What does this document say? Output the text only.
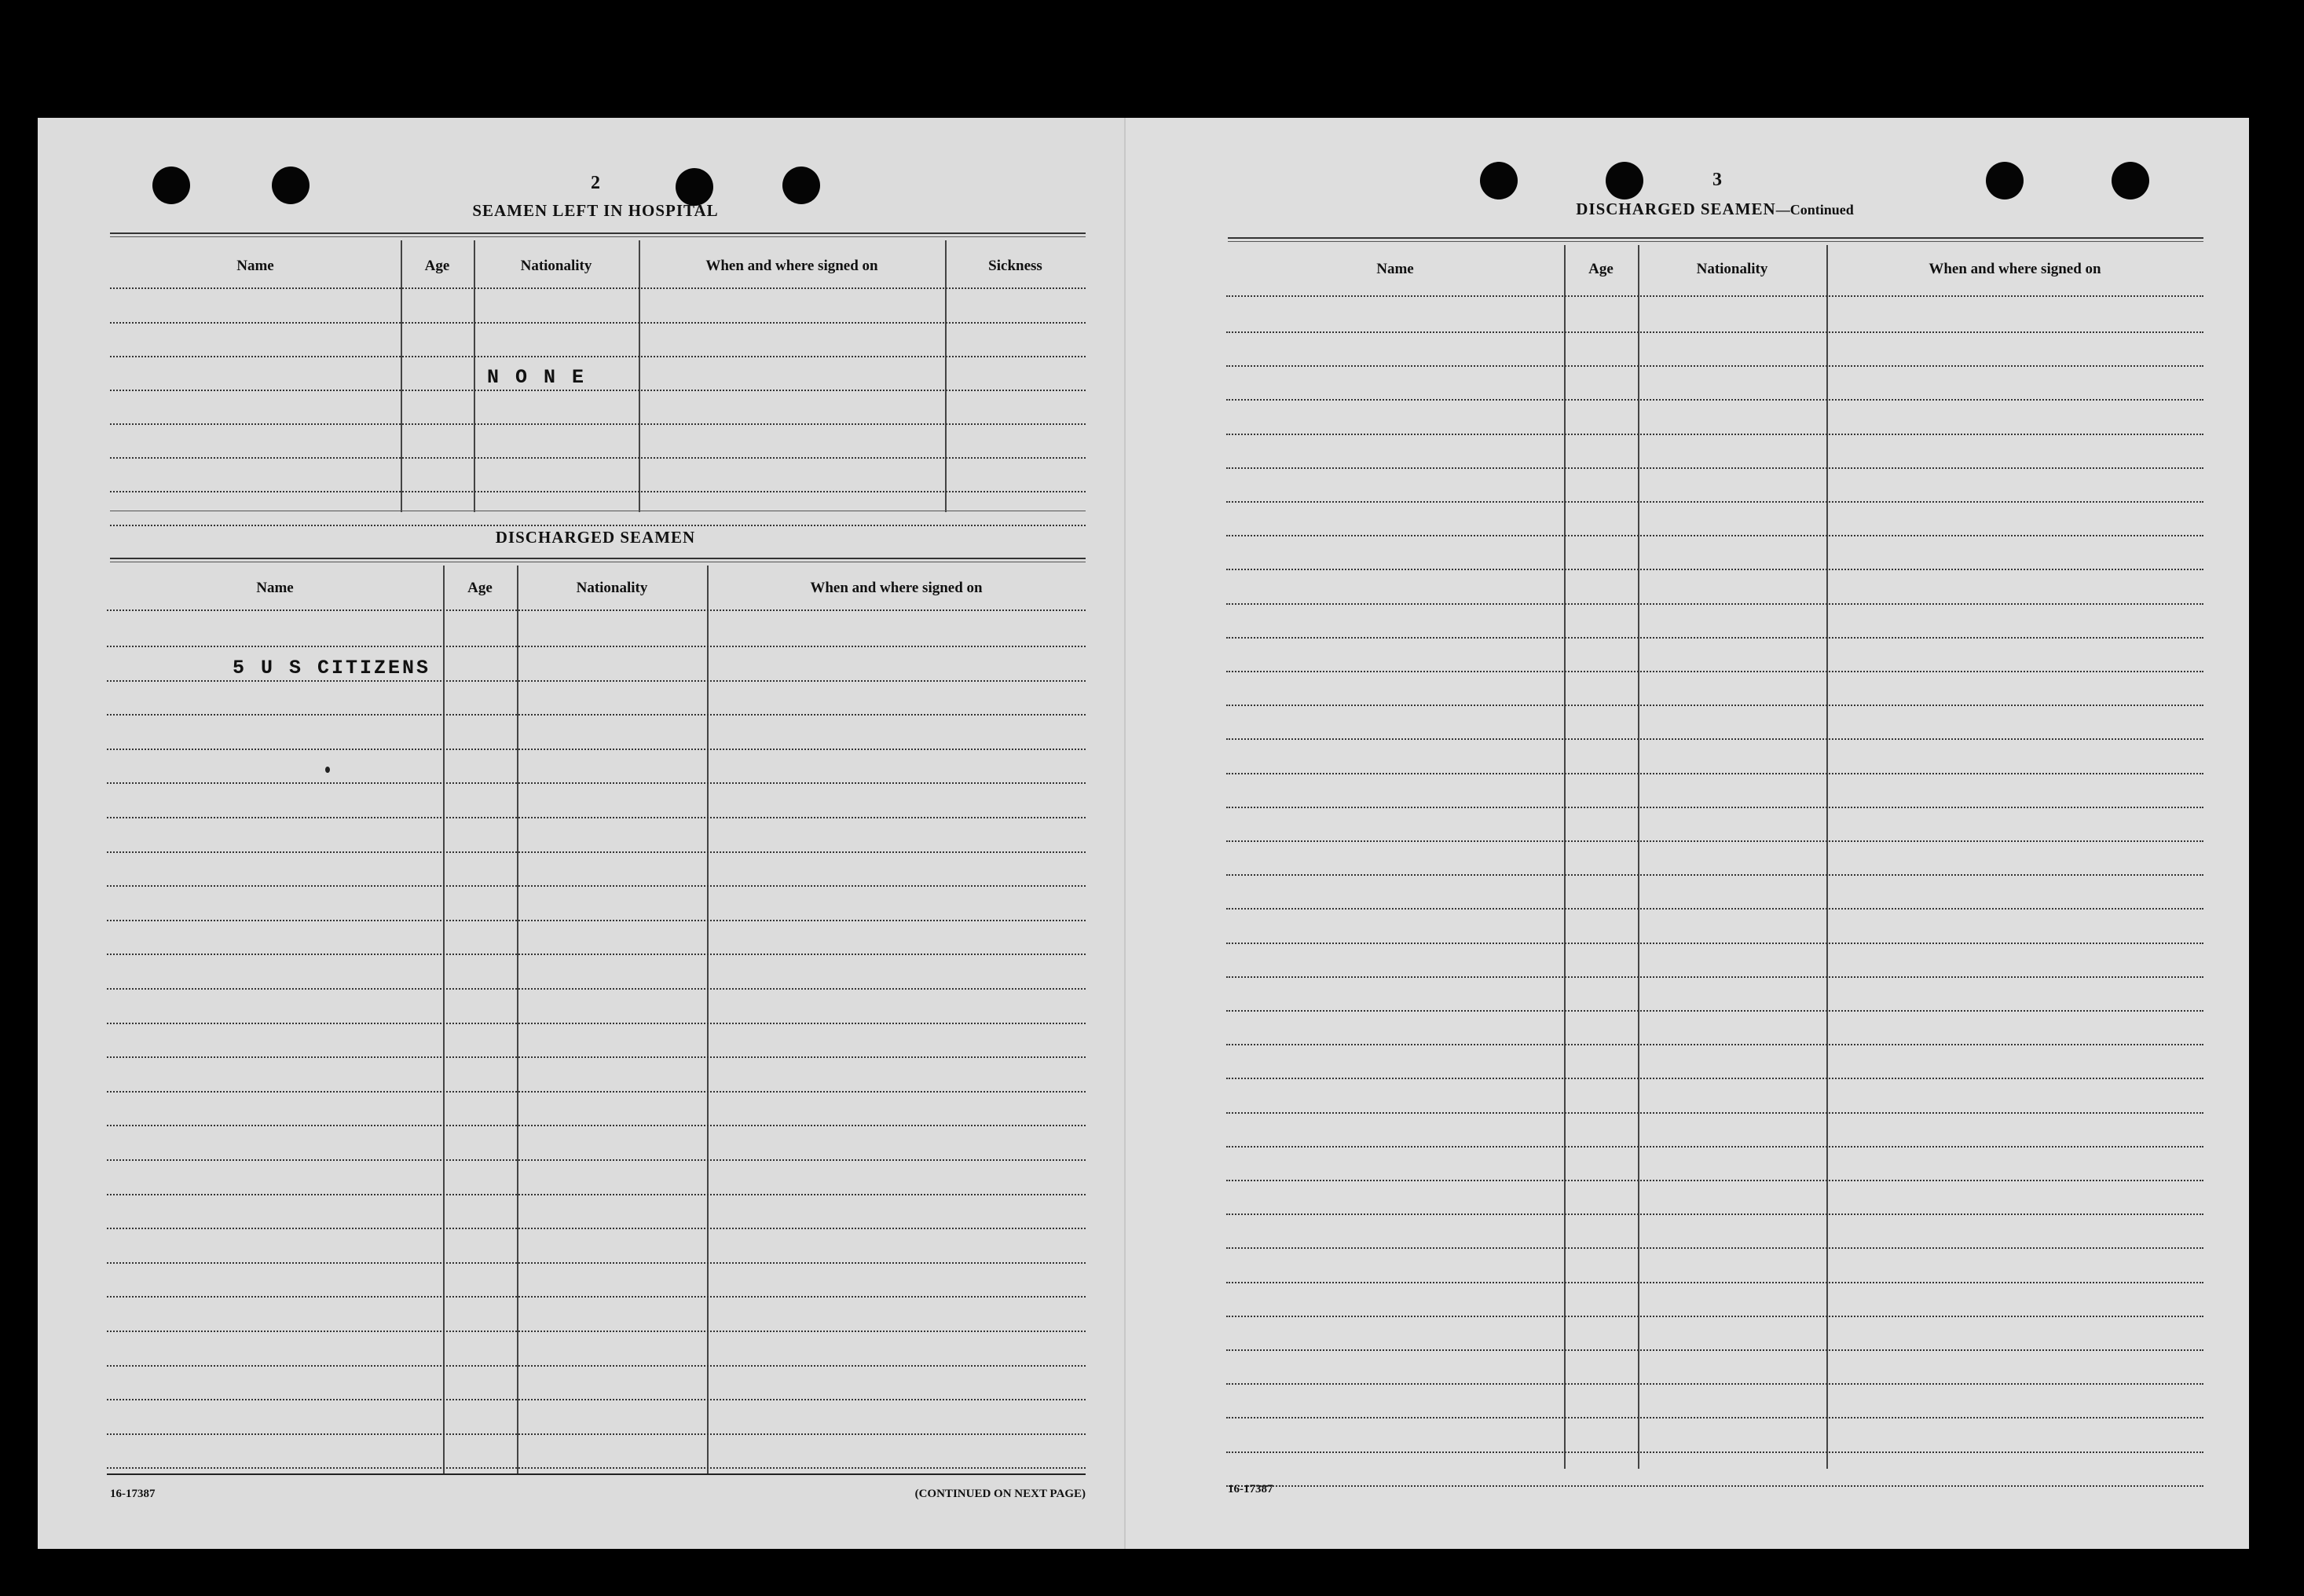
2
SEAMEN LEFT IN HOSPITAL
Name	Age	Nationality	When and where signed on	Sickness
N O N E
DISCHARGED SEAMEN
Name	Age	Nationality	When and where signed on
5 U S CITIZENS
16-17387	(CONTINUED ON NEXT PAGE)
3
DISCHARGED SEAMEN—Continued
Name	Age	Nationality	When and where signed on
16-17387
